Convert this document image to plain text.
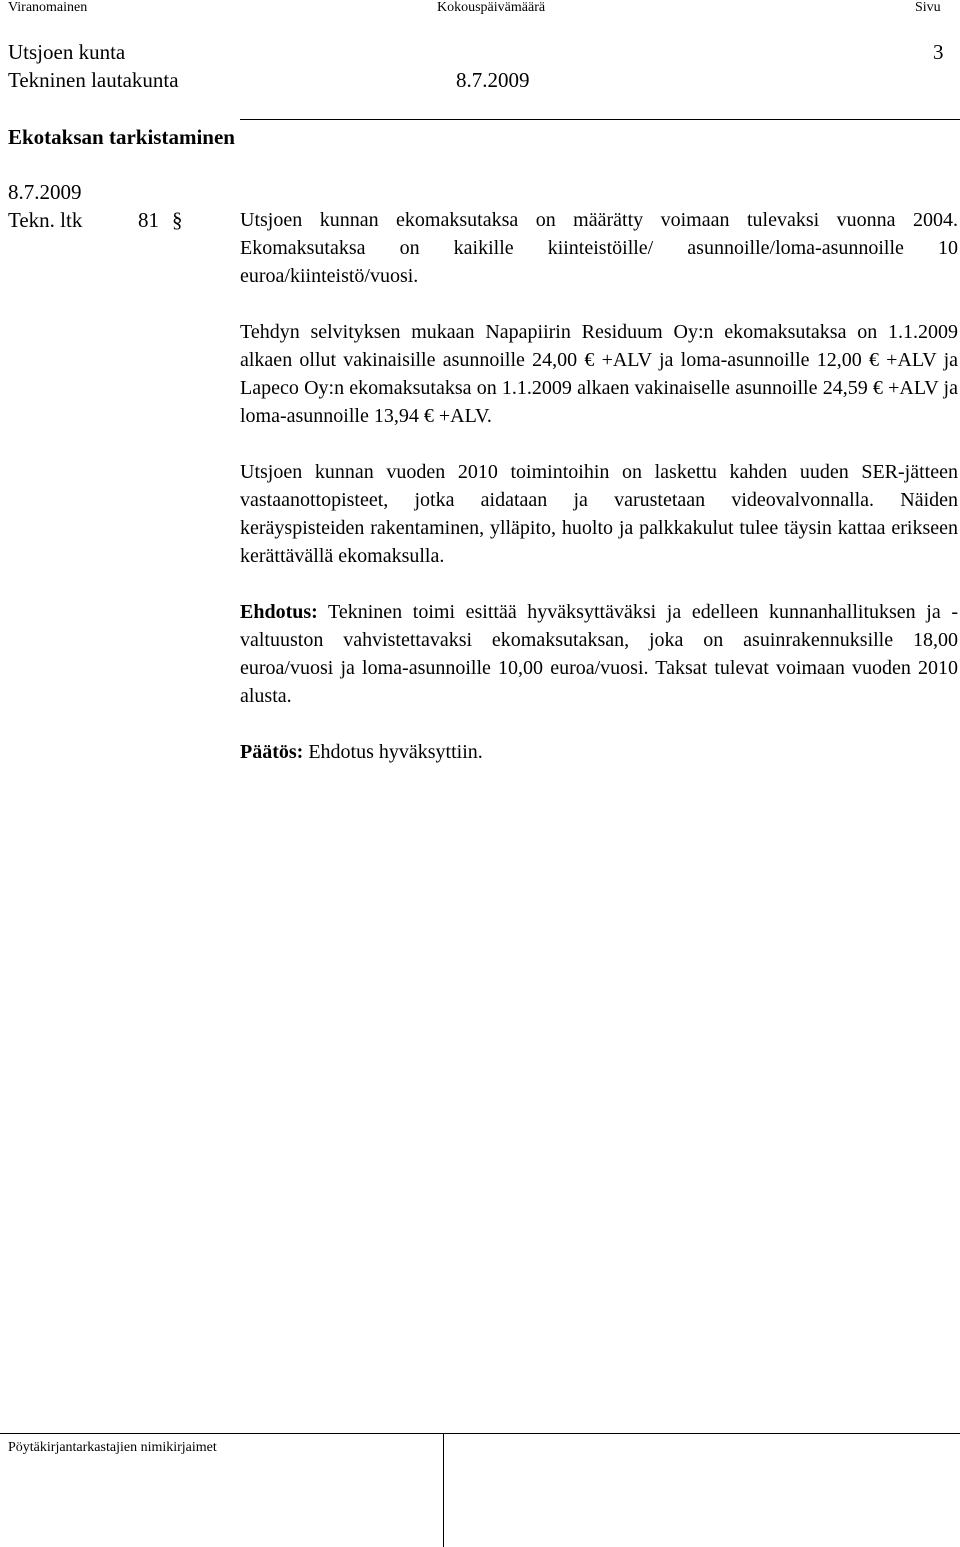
Viranomainen	Kokouspäivämäärä	Sivu
Utsjoen kunta	3
Tekninen lautakunta	8.7.2009
Ekotaksan tarkistaminen
8.7.2009
Tekn. ltk	81 §	Utsjoen kunnan ekomaksutaksa on määrätty voimaan tulevaksi vuonna 2004. Ekomaksutaksa on kaikille kiinteistöille/ asunnoille/loma-asunnoille 10 euroa/kiinteistö/vuosi.

Tehdyn selvityksen mukaan Napapiirin Residuum Oy:n ekomaksutaksa on 1.1.2009 alkaen ollut vakinaisille asunnoille 24,00 € +ALV ja loma-asunnoille 12,00 € +ALV ja Lapeco Oy:n ekomaksutaksa on 1.1.2009 alkaen vakinaiselle asunnoille 24,59 € +ALV ja loma-asunnoille 13,94 € +ALV.

Utsjoen kunnan vuoden 2010 toimintoihin on laskettu kahden uuden SER-jätteen vastaanottopisteet, jotka aidataan ja varustetaan videovalvonnalla. Näiden keräyspisteiden rakentaminen, ylläpito, huolto ja palkkakulut tulee täysin kattaa erikseen kerättävällä ekomaksulla.

Ehdotus: Tekninen toimi esittää hyväksyttäväksi ja edelleen kunnanhallituksen ja -valtuuston vahvistettavaksi ekomaksutaksan, joka on asuinrakennuksille 18,00 euroa/vuosi ja loma-asunnoille 10,00 euroa/vuosi. Taksat tulevat voimaan vuoden 2010 alusta.

Päätös: Ehdotus hyväksyttiin.

Pöytäkirjantarkastajien nimikirjaimet
